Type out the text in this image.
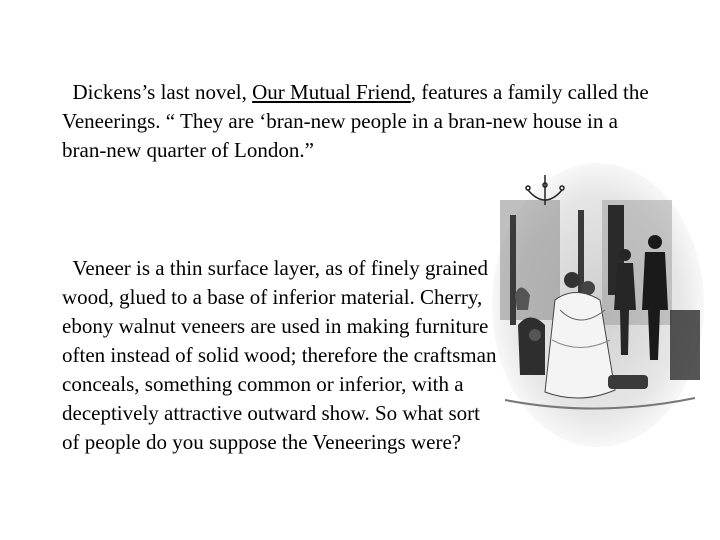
Dickens’s last novel, Our Mutual Friend, features a family called the Veneerings. “ They are ‘bran-new people in a bran-new house in a bran-new quarter of London.”

Veneer is a thin surface layer, as of finely grained wood, glued to a base of inferior material. Cherry, ebony walnut veneers are used in making furniture often instead of solid wood; therefore the craftsman conceals, something common or inferior, with a deceptively attractive outward show. So what sort of people do you suppose the Veneerings were?
